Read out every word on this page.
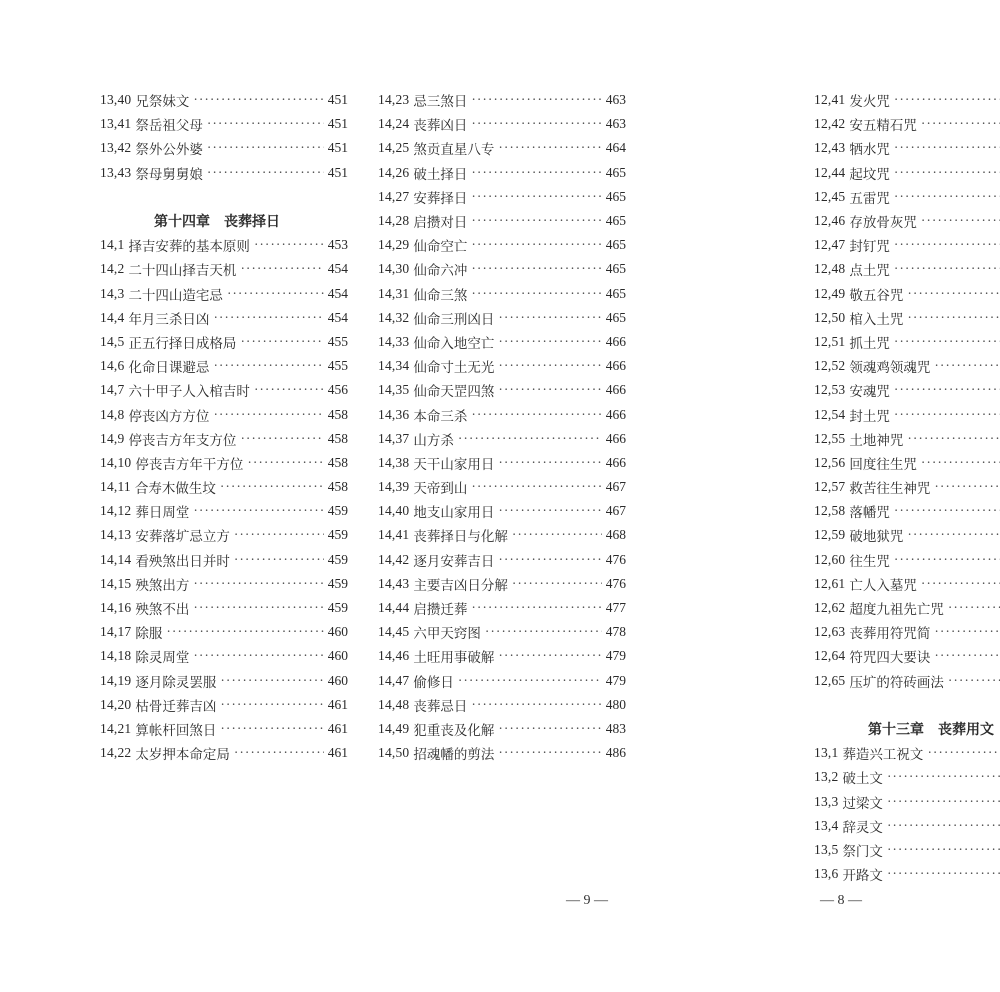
13,40 兄祭妹文 ·····	451
13,41 祭岳祖父母 ·····	451
13,42 祭外公外婆 ·····	451
13,43 祭母舅舅娘 ·····	451
第十四章　丧葬择日
14,1 择吉安葬的基本原则 ·····	453
14,2 二十四山择吉天机 ·····	454
14,3 二十四山造宅忌 ·····	454
14,4 年月三杀日凶 ·····	454
14,5 正五行择日成格局 ·····	455
14,6 化命日课避忌 ·····	455
14,7 六十甲子人入棺吉时 ·····	456
14,8 停丧凶方方位 ·····	458
14,9 停丧吉方年支方位 ·····	458
14,10 停丧吉方年干方位 ·····	458
14,11 合寿木做生坟 ·····	458
14,12 葬日周堂 ·····	459
14,13 安葬落圹忌立方 ·····	459
14,14 看殃煞出日并时 ·····	459
14,15 殃煞出方 ·····	459
14,16 殃煞不出 ·····	459
14,17 除服 ·····	460
14,18 除灵周堂 ·····	460
14,19 逐月除灵罢服 ·····	460
14,20 枯骨迁葬吉凶 ·····	461
14,21 算帐杆回煞日 ·····	461
14,22 太岁押本命定局 ·····	461
14,23 忌三煞日 ·····	463
14,24 丧葬凶日 ·····	463
14,25 煞贡直星八专 ·····	464
14,26 破土择日 ·····	465
14,27 安葬择日 ·····	465
14,28 启攒对日 ·····	465
14,29 仙命空亡 ·····	465
14,30 仙命六冲 ·····	465
14,31 仙命三煞 ·····	465
14,32 仙命三刑凶日 ·····	465
14,33 仙命入地空亡 ·····	466
14,34 仙命寸土无光 ·····	466
14,35 仙命天罡四煞 ·····	466
14,36 本命三杀 ·····	466
14,37 山方杀 ·····	466
14,38 天干山家用日 ·····	466
14,39 天帝到山 ·····	467
14,40 地支山家用日 ·····	467
14,41 丧葬择日与化解 ·····	468
14,42 逐月安葬吉日 ·····	476
14,43 主要吉凶日分解 ·····	476
14,44 启攒迁葬 ·····	477
14,45 六甲天窍图 ·····	478
14,46 土旺用事破解 ·····	479
14,47 偷修日 ·····	479
14,48 丧葬忌日 ·····	480
14,49 犯重丧及化解 ·····	483
14,50 招魂幡的剪法 ·····	486
12,41 发火咒
·····
12,42 安五精石咒
·····
12,43 牺水咒
·····
12,44 起坟咒
·····
12,45 五雷咒
·····
12,46 存放骨灰咒
·····
12,47 封钉咒
·····
12,48 点土咒
·····
12,49 敬五谷咒
·····
12,50 棺入土咒
·····
12,51 抓土咒
·····
12,52 领魂鸡领魂咒
·····
12,53 安魂咒
·····
12,54 封土咒
·····
12,55 土地神咒
·····
12,56 回度往生咒
·····
12,57 救苦往生神咒
·····
12,58 落幡咒
·····
12,59 破地狱咒
·····
12,60 往生咒
·····
12,61 亡人入墓咒
·····
12,62 超度九祖先亡咒
·····
12,63 丧葬用符咒简
·····
12,64 符咒四大要诀
·····
12,65 压圹的符砖画法
·····
第十三章　丧葬用文
13,1 葬造兴工祝文
·····
13,2 破土文
·····
13,3 过梁文
·····
13,4 辞灵文
·····
13,5 祭门文
·····
13,6 开路文
·····
— 9 —	— 8 —
